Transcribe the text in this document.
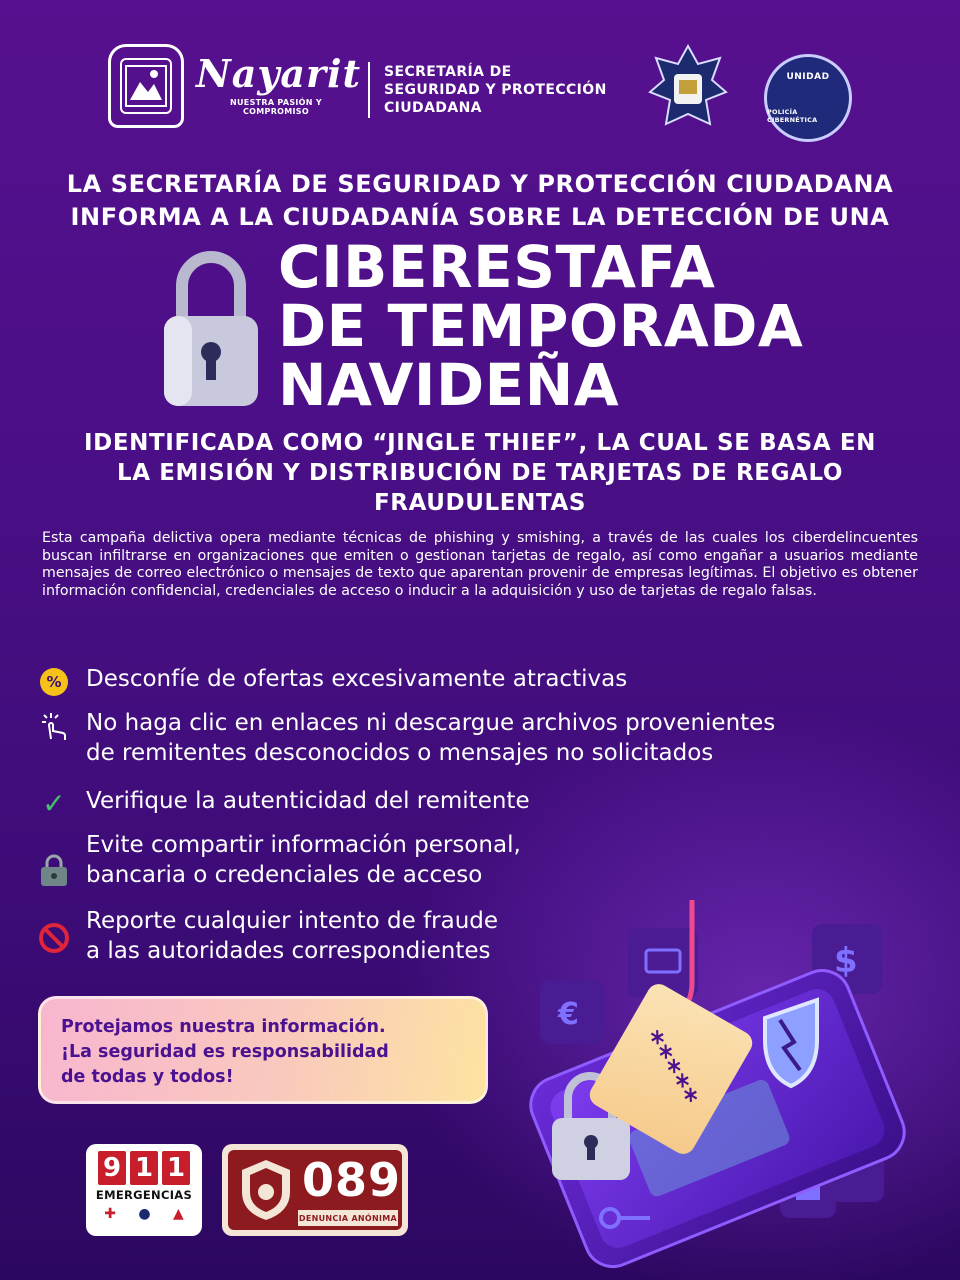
Nayarit
NUESTRA PASIÓN Y COMPROMISO
SECRETARÍA DE
SEGURIDAD Y PROTECCIÓN
CIUDADANA
UNIDAD
POLICÍA CIBERNÉTICA
LA SECRETARÍA DE SEGURIDAD Y PROTECCIÓN CIUDADANA
INFORMA A LA CIUDADANÍA SOBRE LA DETECCIÓN DE UNA
CIBERESTAFA
DE TEMPORADA
NAVIDEÑA
IDENTIFICADA COMO “JINGLE THIEF”, LA CUAL SE BASA EN
LA EMISIÓN Y DISTRIBUCIÓN DE TARJETAS DE REGALO
FRAUDULENTAS

Esta campaña delictiva opera mediante técnicas de phishing y smishing, a través de las cuales los ciberdelincuentes buscan infiltrarse en organizaciones que emiten o gestionan tarjetas de regalo, así como engañar a usuarios mediante mensajes de correo electrónico o mensajes de texto que aparentan provenir de empresas legítimas. El objetivo es obtener información confidencial, credenciales de acceso o inducir a la adquisición y uso de tarjetas de regalo falsas.

% Desconfíe de ofertas excesivamente atractivas
No haga clic en enlaces ni descargue archivos provenientes
de remitentes desconocidos o mensajes no solicitados
✓ Verifique la autenticidad del remitente
Evite compartir información personal,
bancaria o credenciales de acceso
Reporte cualquier intento de fraude
a las autoridades correspondientes	$
€
*****
Protejamos nuestra información.
¡La seguridad es responsabilidad
de todas y todos!
9 1 1
EMERGENCIAS
✚ ● ▲
089
DENUNCIA ANÓNIMA
